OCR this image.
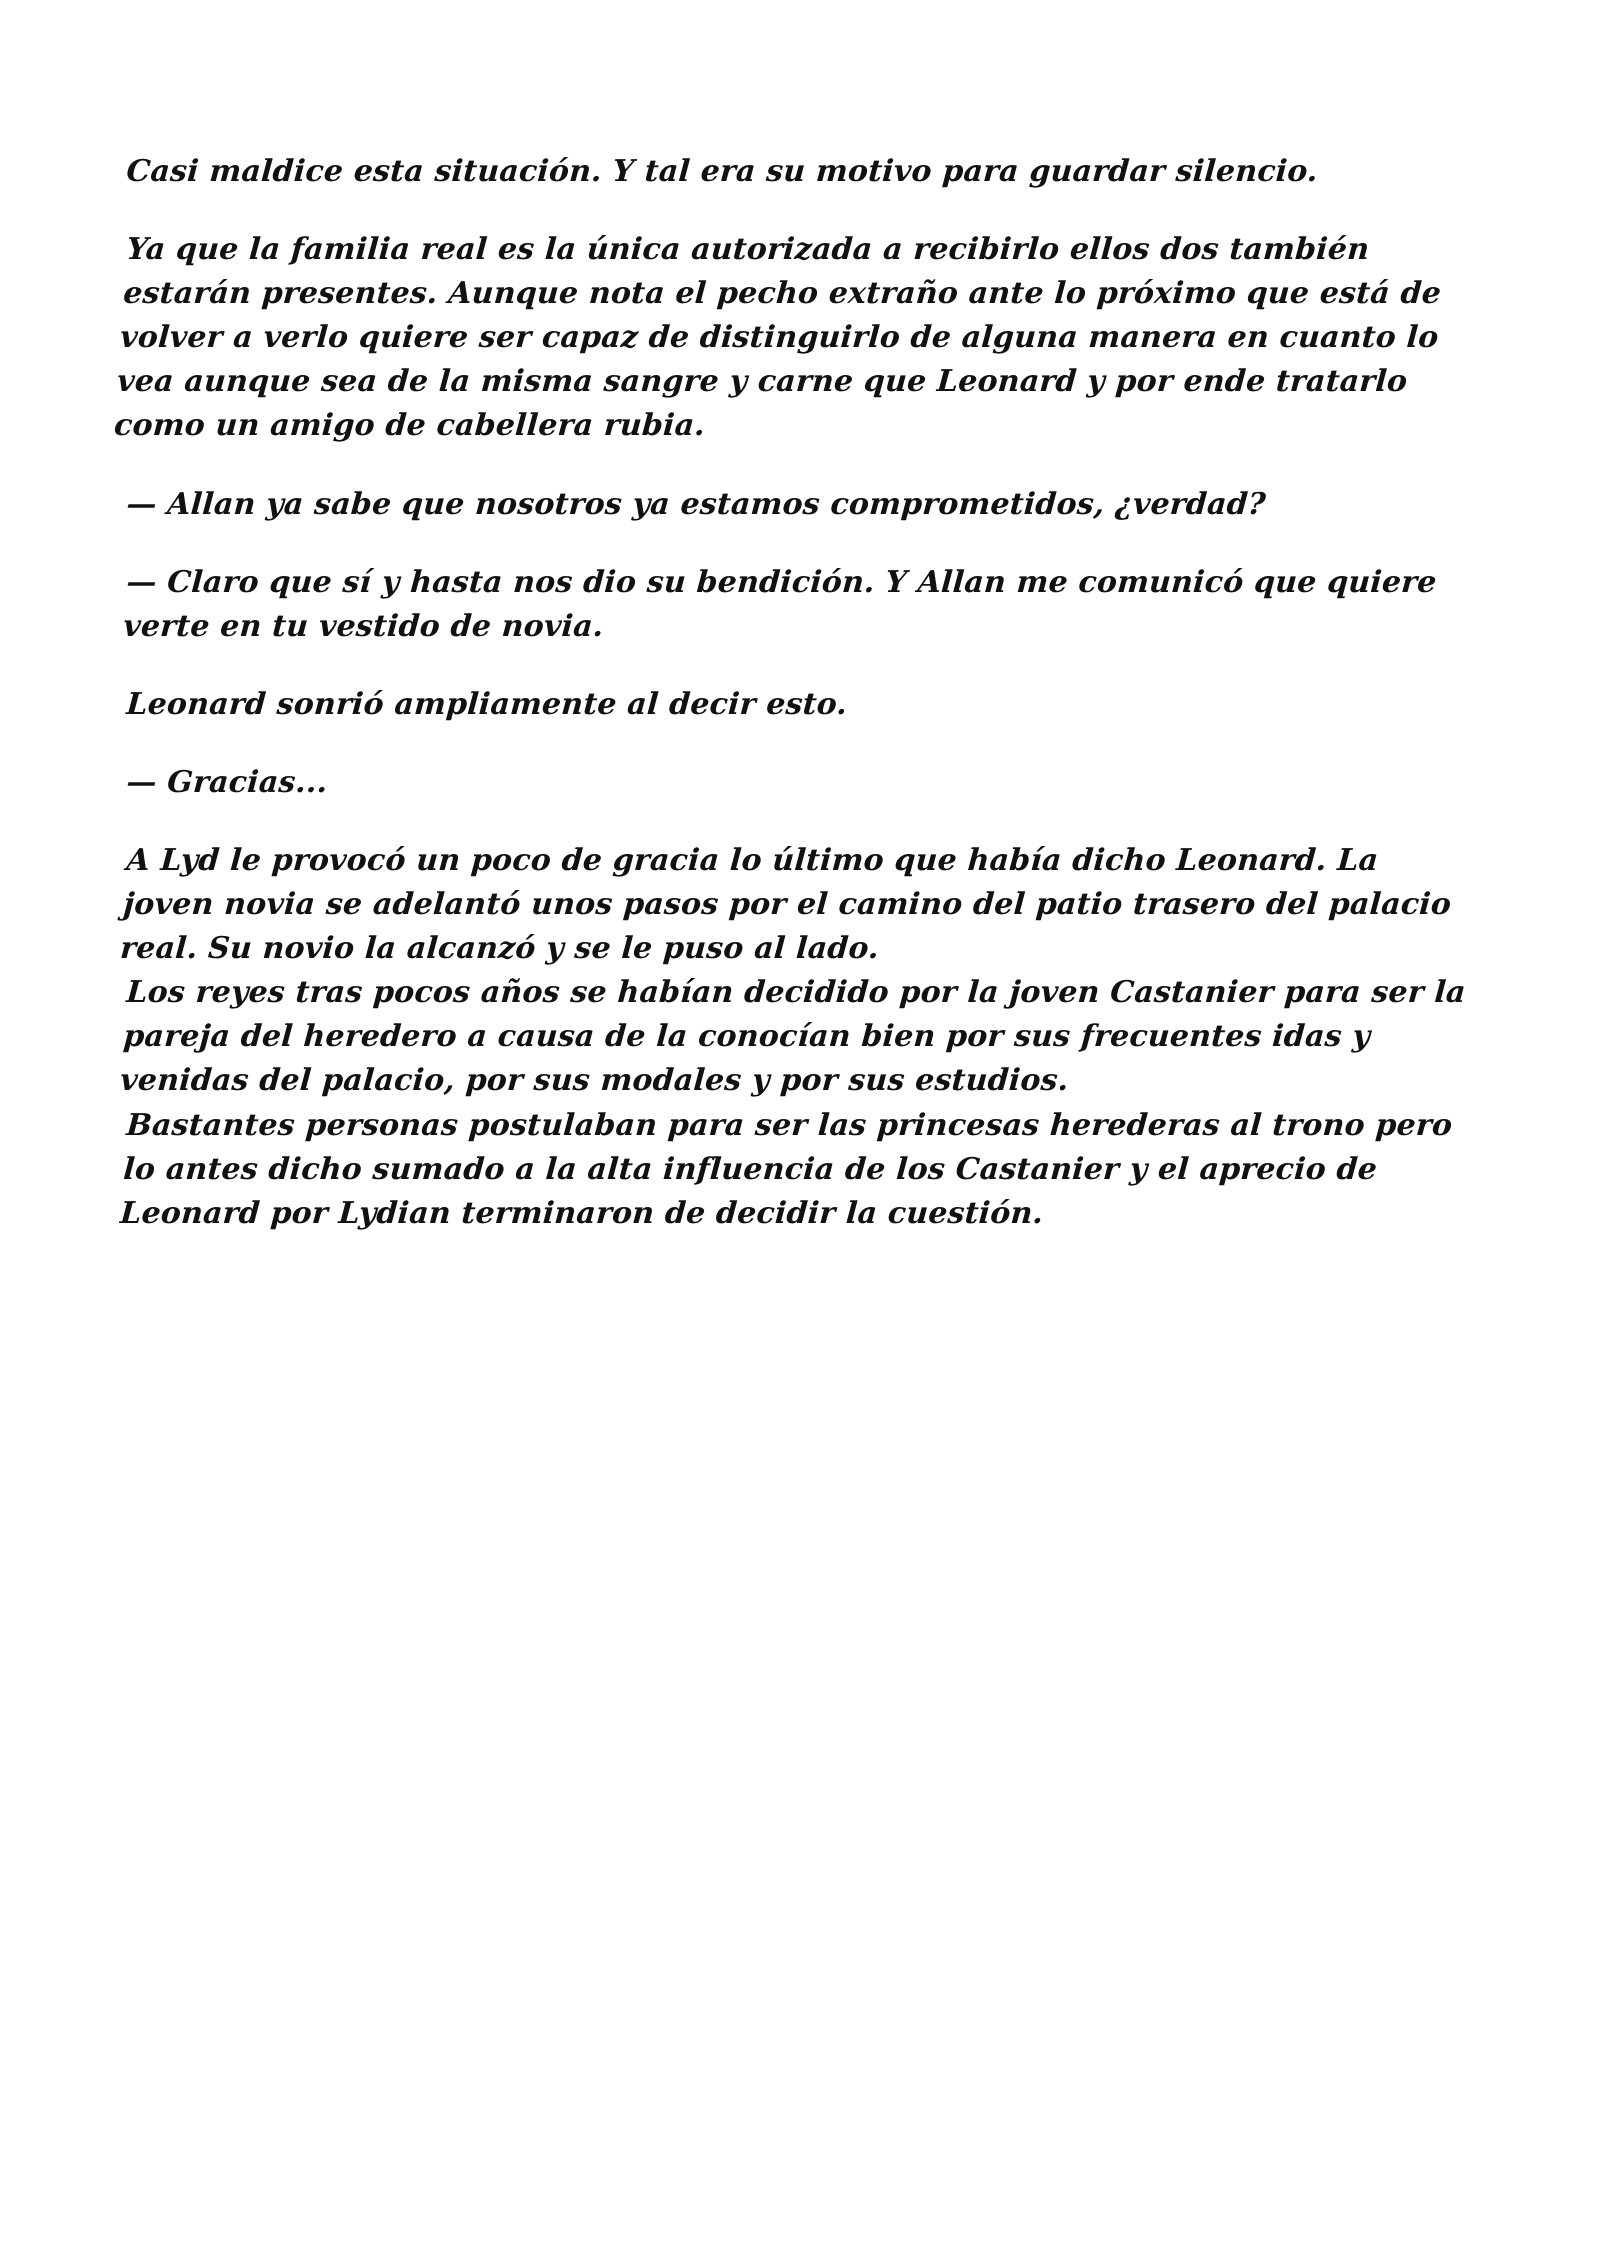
Casi maldice esta situación. Y tal era su motivo para guardar silencio.

Ya que la familia real es la única autorizada a recibirlo ellos dos también estarán presentes. Aunque nota el pecho extraño ante lo próximo que está de volver a verlo quiere ser capaz de distinguirlo de alguna manera en cuanto lo vea aunque sea de la misma sangre y carne que Leonard y por ende tratarlo como un amigo de cabellera rubia.

— Allan ya sabe que nosotros ya estamos comprometidos, ¿verdad?

— Claro que sí y hasta nos dio su bendición. Y Allan me comunicó que quiere verte en tu vestido de novia.

Leonard sonrió ampliamente al decir esto.

— Gracias...

A Lyd le provocó un poco de gracia lo último que había dicho Leonard. La joven novia se adelantó unos pasos por el camino del patio trasero del palacio real. Su novio la alcanzó y se le puso al lado.

Los reyes tras pocos años se habían decidido por la joven Castanier para ser la pareja del heredero a causa de la conocían bien por sus frecuentes idas y venidas del palacio, por sus modales y por sus estudios.

Bastantes personas postulaban para ser las princesas herederas al trono pero lo antes dicho sumado a la alta influencia de los Castanier y el aprecio de Leonard por Lydian terminaron de decidir la cuestión.
